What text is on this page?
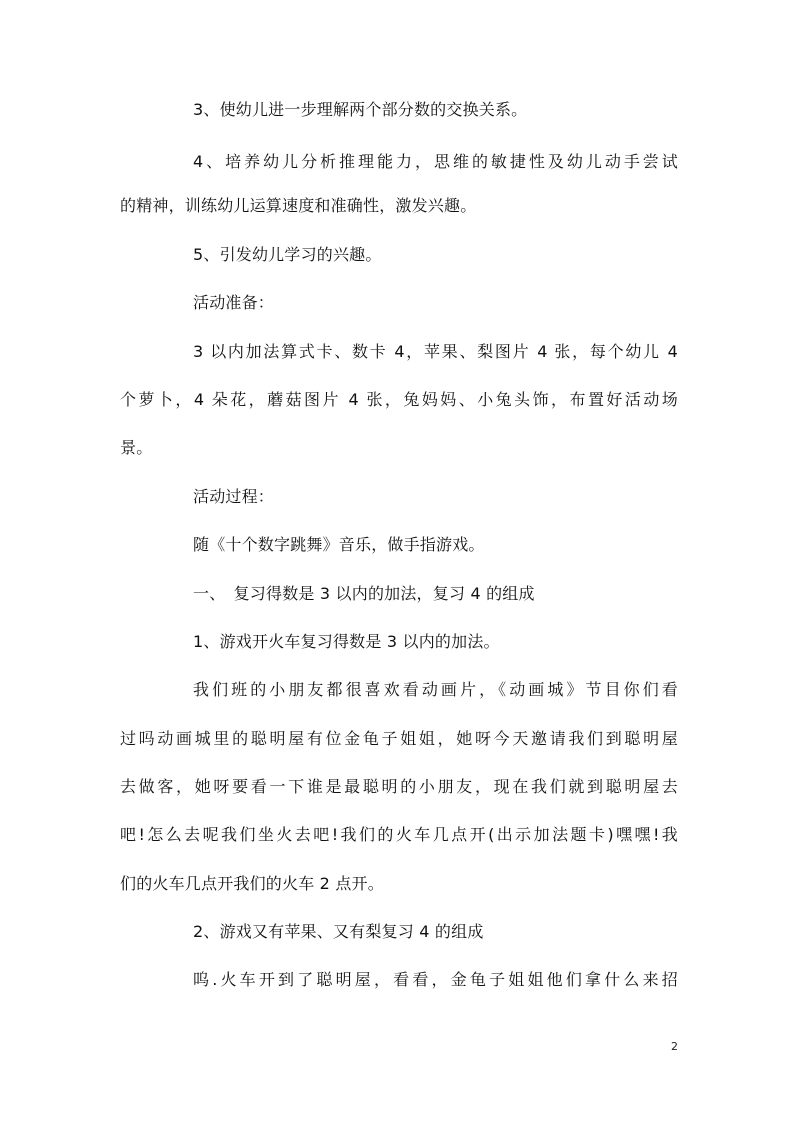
3、使幼儿进一步理解两个部分数的交换关系。
4、培养幼儿分析推理能力，思维的敏捷性及幼儿动手尝试
的精神，训练幼儿运算速度和准确性，激发兴趣。
5、引发幼儿学习的兴趣。
活动准备：
3 以内加法算式卡、数卡 4，苹果、梨图片 4 张，每个幼儿 4
个萝卜，4 朵花，蘑菇图片 4 张，兔妈妈、小兔头饰，布置好活动场
景。
活动过程：
随《十个数字跳舞》音乐，做手指游戏。
一、　复习得数是 3 以内的加法，复习 4 的组成
1、游戏开火车复习得数是 3 以内的加法。
我们班的小朋友都很喜欢看动画片，《动画城》节目你们看
过吗动画城里的聪明屋有位金龟子姐姐，她呀今天邀请我们到聪明屋
去做客，她呀要看一下谁是最聪明的小朋友，现在我们就到聪明屋去
吧!怎么去呢我们坐火去吧!我们的火车几点开(出示加法题卡)嘿嘿!我
们的火车几点开我们的火车 2 点开。
2、游戏又有苹果、又有梨复习 4 的组成
呜.火车开到了聪明屋，看看，金龟子姐姐他们拿什么来招
2
